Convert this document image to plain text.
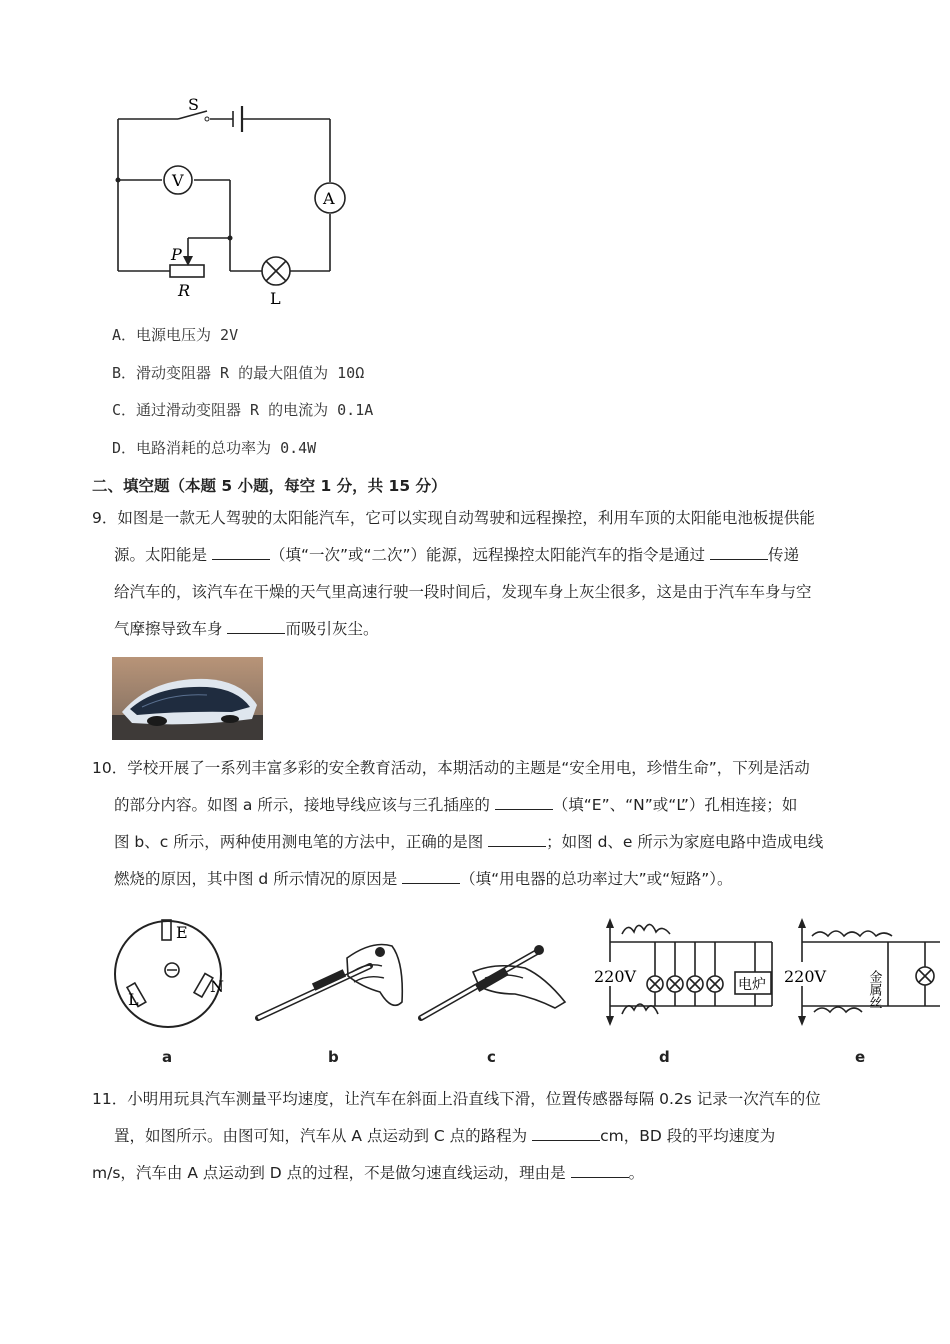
S
V
A
P
R	L
A．电源电压为 2V
B．滑动变阻器 R 的最大阻值为 10Ω
C．通过滑动变阻器 R 的电流为 0.1A
D．电路消耗的总功率为 0.4W
二、填空题（本题 5 小题，每空 1 分，共 15 分）
9．如图是一款无人驾驶的太阳能汽车，它可以实现自动驾驶和远程操控，利用车顶的太阳能电池板提供能
源。太阳能是	（填“一次”或“二次”）能源，远程操控太阳能汽车的指令是通过	传递
给汽车的，该汽车在干燥的天气里高速行驶一段时间后，发现车身上灰尘很多，这是由于汽车车身与空
气摩擦导致车身	而吸引灰尘。
10．学校开展了一系列丰富多彩的安全教育活动，本期活动的主题是“安全用电，珍惜生命”，下列是活动
的部分内容。如图 a 所示，接地导线应该与三孔插座的	（填“E”、“N”或“L”）孔相连接；如
图 b、c 所示，两种使用测电笔的方法中，正确的是图	；如图 d、e 所示为家庭电路中造成电线
燃烧的原因，其中图 d 所示情况的原因是	（填“用电器的总功率过大”或“短路”）。
E
L
N
220V	电炉 220V	金属丝
a	b	c	d	e
11．小明用玩具汽车测量平均速度，让汽车在斜面上沿直线下滑，位置传感器每隔 0.2s 记录一次汽车的位
置，如图所示。由图可知，汽车从 A 点运动到 C 点的路程为	cm，BD 段的平均速度为
m/s，汽车由 A 点运动到 D 点的过程，不是做匀速直线运动，理由是	。
